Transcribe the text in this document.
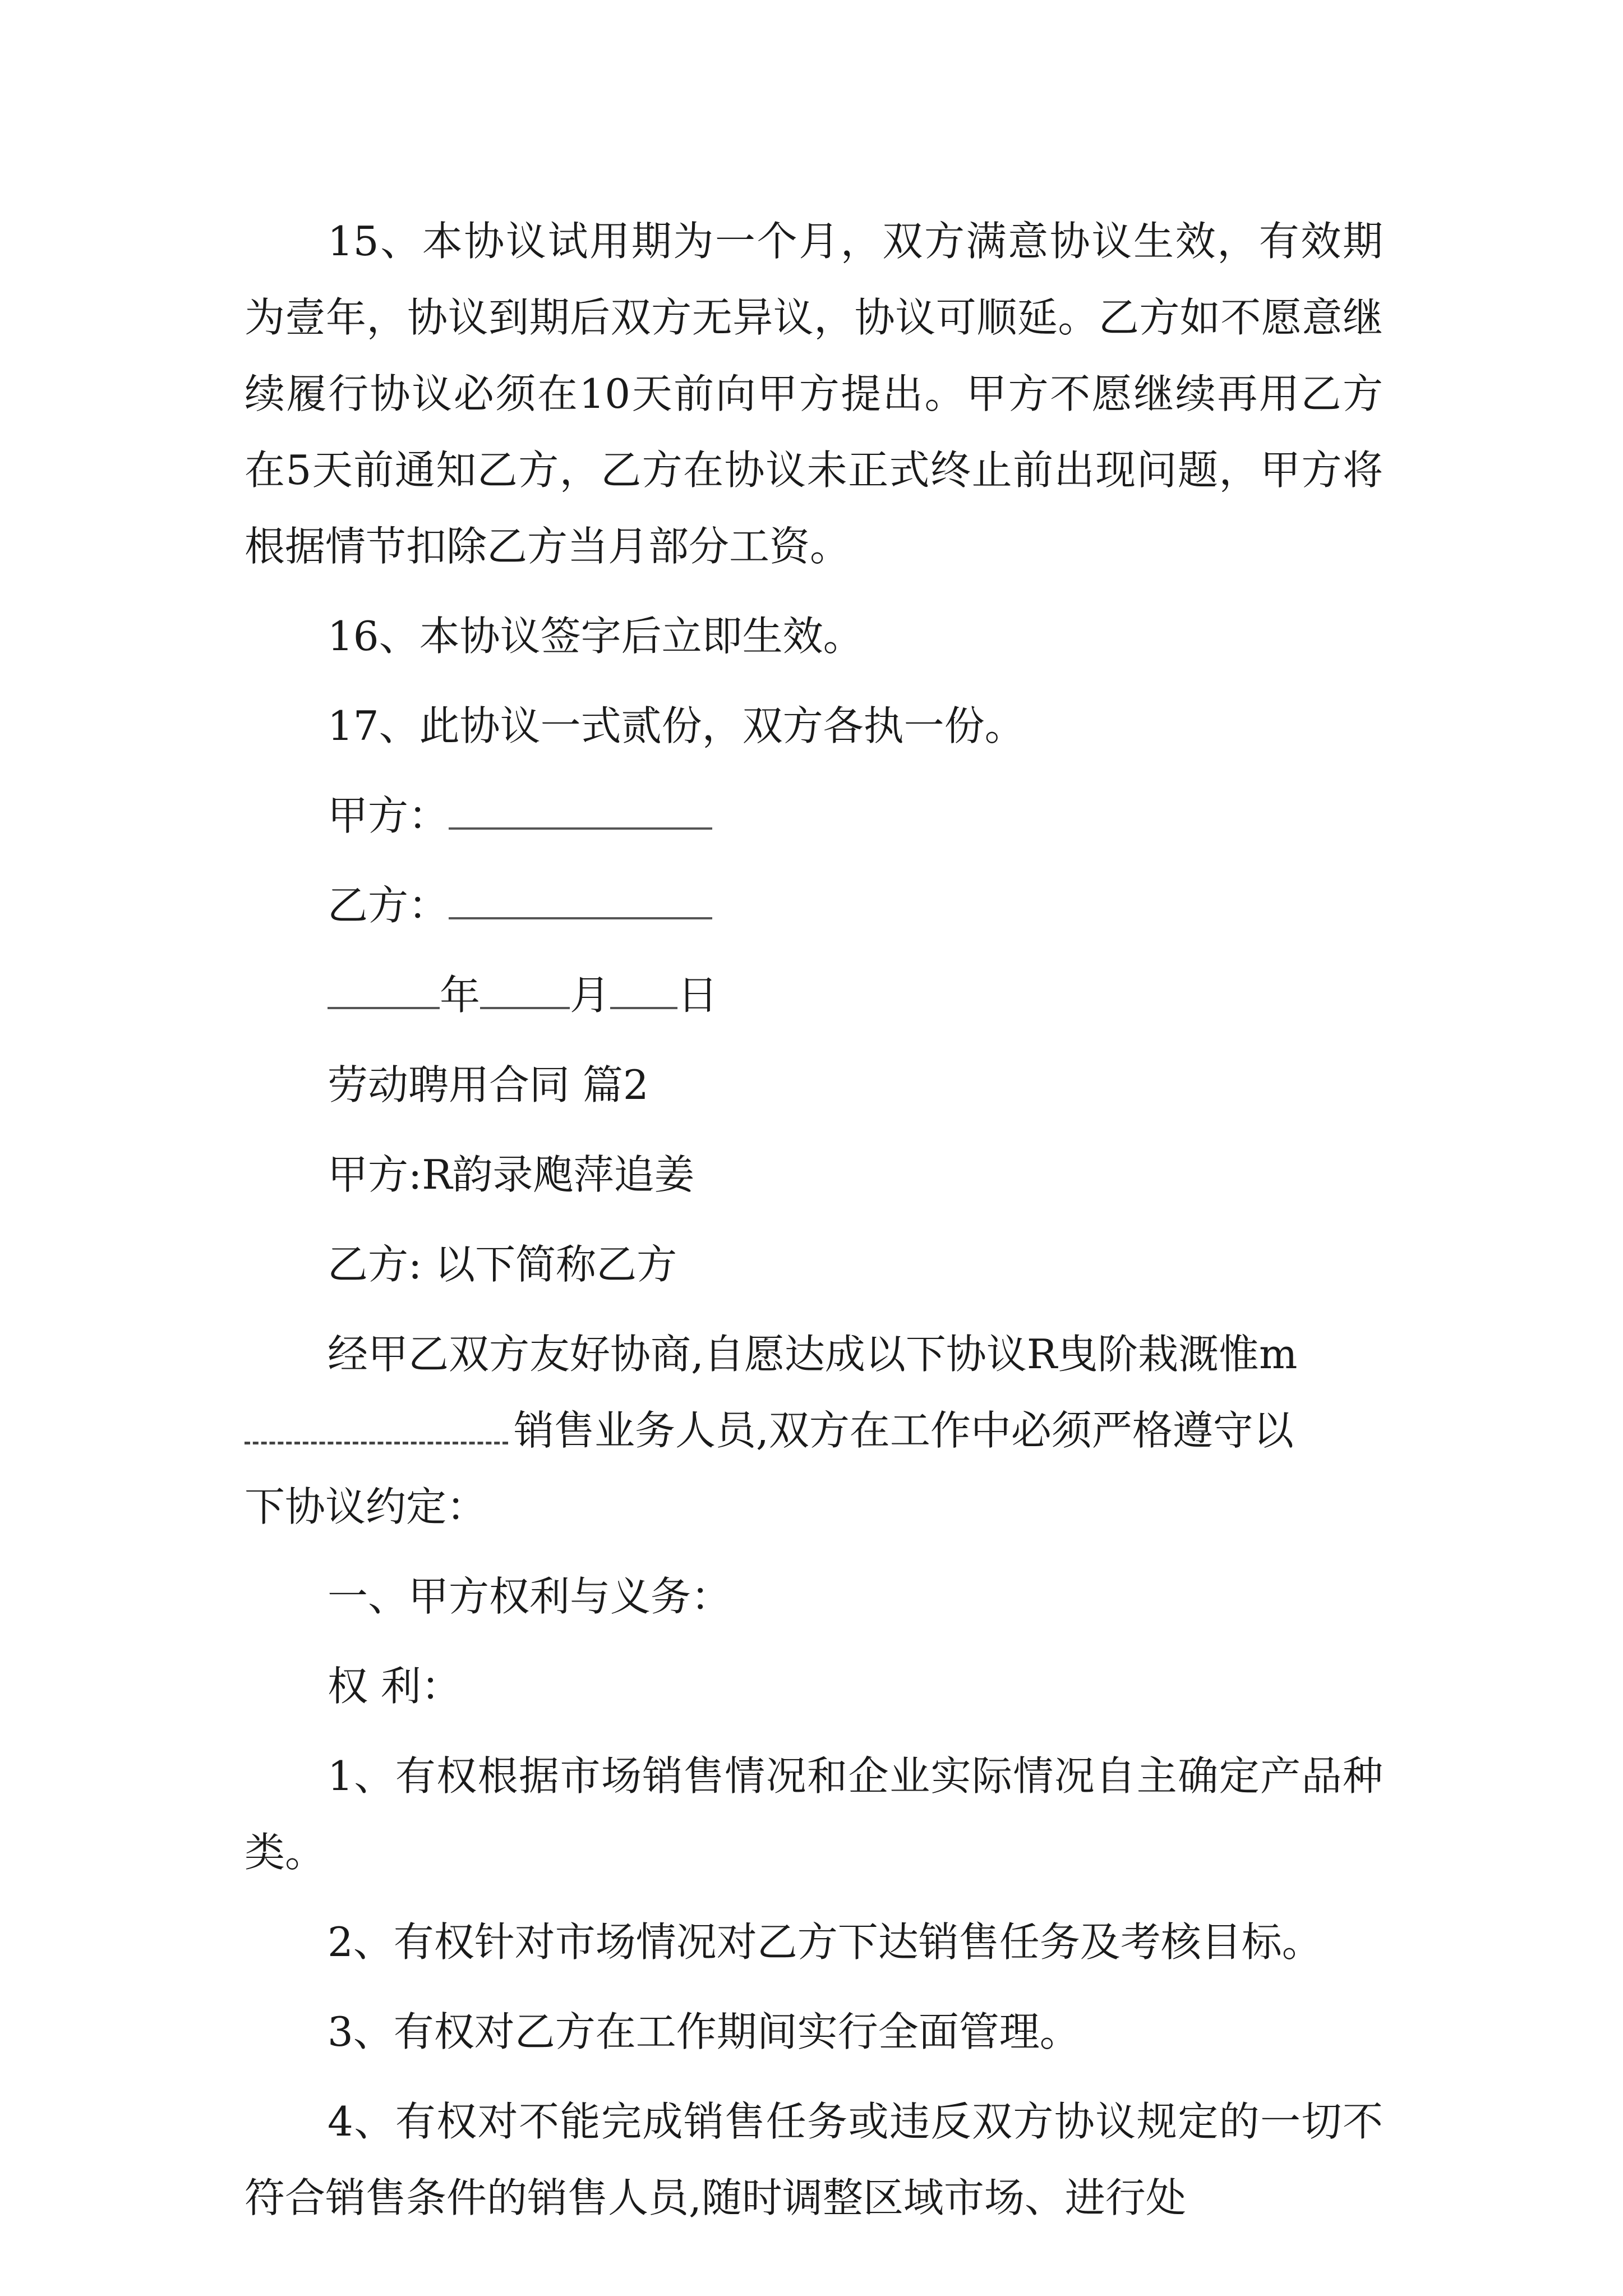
15、本协议试用期为一个月，双方满意协议生效，有效期为壹年，协议到期后双方无异议，协议可顺延。乙方如不愿意继续履行协议必须在10天前向甲方提出。甲方不愿继续再用乙方在5天前通知乙方，乙方在协议未正式终止前出现问题，甲方将根据情节扣除乙方当月部分工资。

16、本协议签字后立即生效。

17、此协议一式贰份，双方各执一份。

甲方：
乙方：
年 月 日

劳动聘用合同 篇2

甲方:R韵录飑萍追姜

乙方: 以下简称乙方

经甲乙双方友好协商,自愿达成以下协议R曳阶栽溉惟m
销售业务人员,双方在工作中必须严格遵守以
下协议约定：

一、甲方权利与义务：

权 利：

1、有权根据市场销售情况和企业实际情况自主确定产品种类。

2、有权针对市场情况对乙方下达销售任务及考核目标。

3、有权对乙方在工作期间实行全面管理。

4、有权对不能完成销售任务或违反双方协议规定的一切不符合销售条件的销售人员,随时调整区域市场、进行处
